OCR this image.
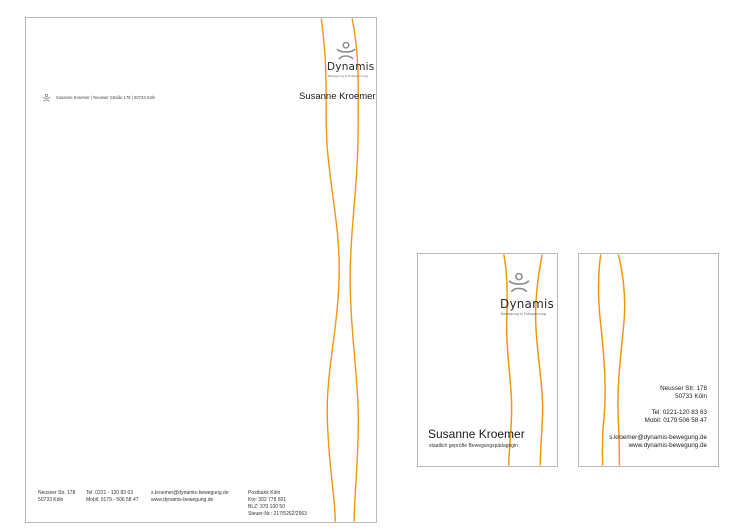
Dynamis
Bewegung & Entspannung
Susanne Kroemer | Neusser Straße 178 | 50733 Köln	Susanne Kroemer
Neusser Str. 178
50733 Köln
Tel: 0221 - 120 83 63
Mobil: 0179 - 506 58 47
s.kroemer@dynamis-bewegung.de
www.dynamis-bewegung.de
Postbank Köln
Kto: 302 778 501
BLZ: 370 100 50
Steuer-Nr.: 217/5262/2563
Dynamis
Bewegung & Entspannung
Susanne Kroemer
staatlich geprüfte Bewegungspädagogin
Neusser Str. 178
50733 Köln
Tel: 0221-120 83 63
Mobil: 0179 506 58 47
s.kroemer@dynamis-bewegung.de
www.dynamis-bewegung.de
